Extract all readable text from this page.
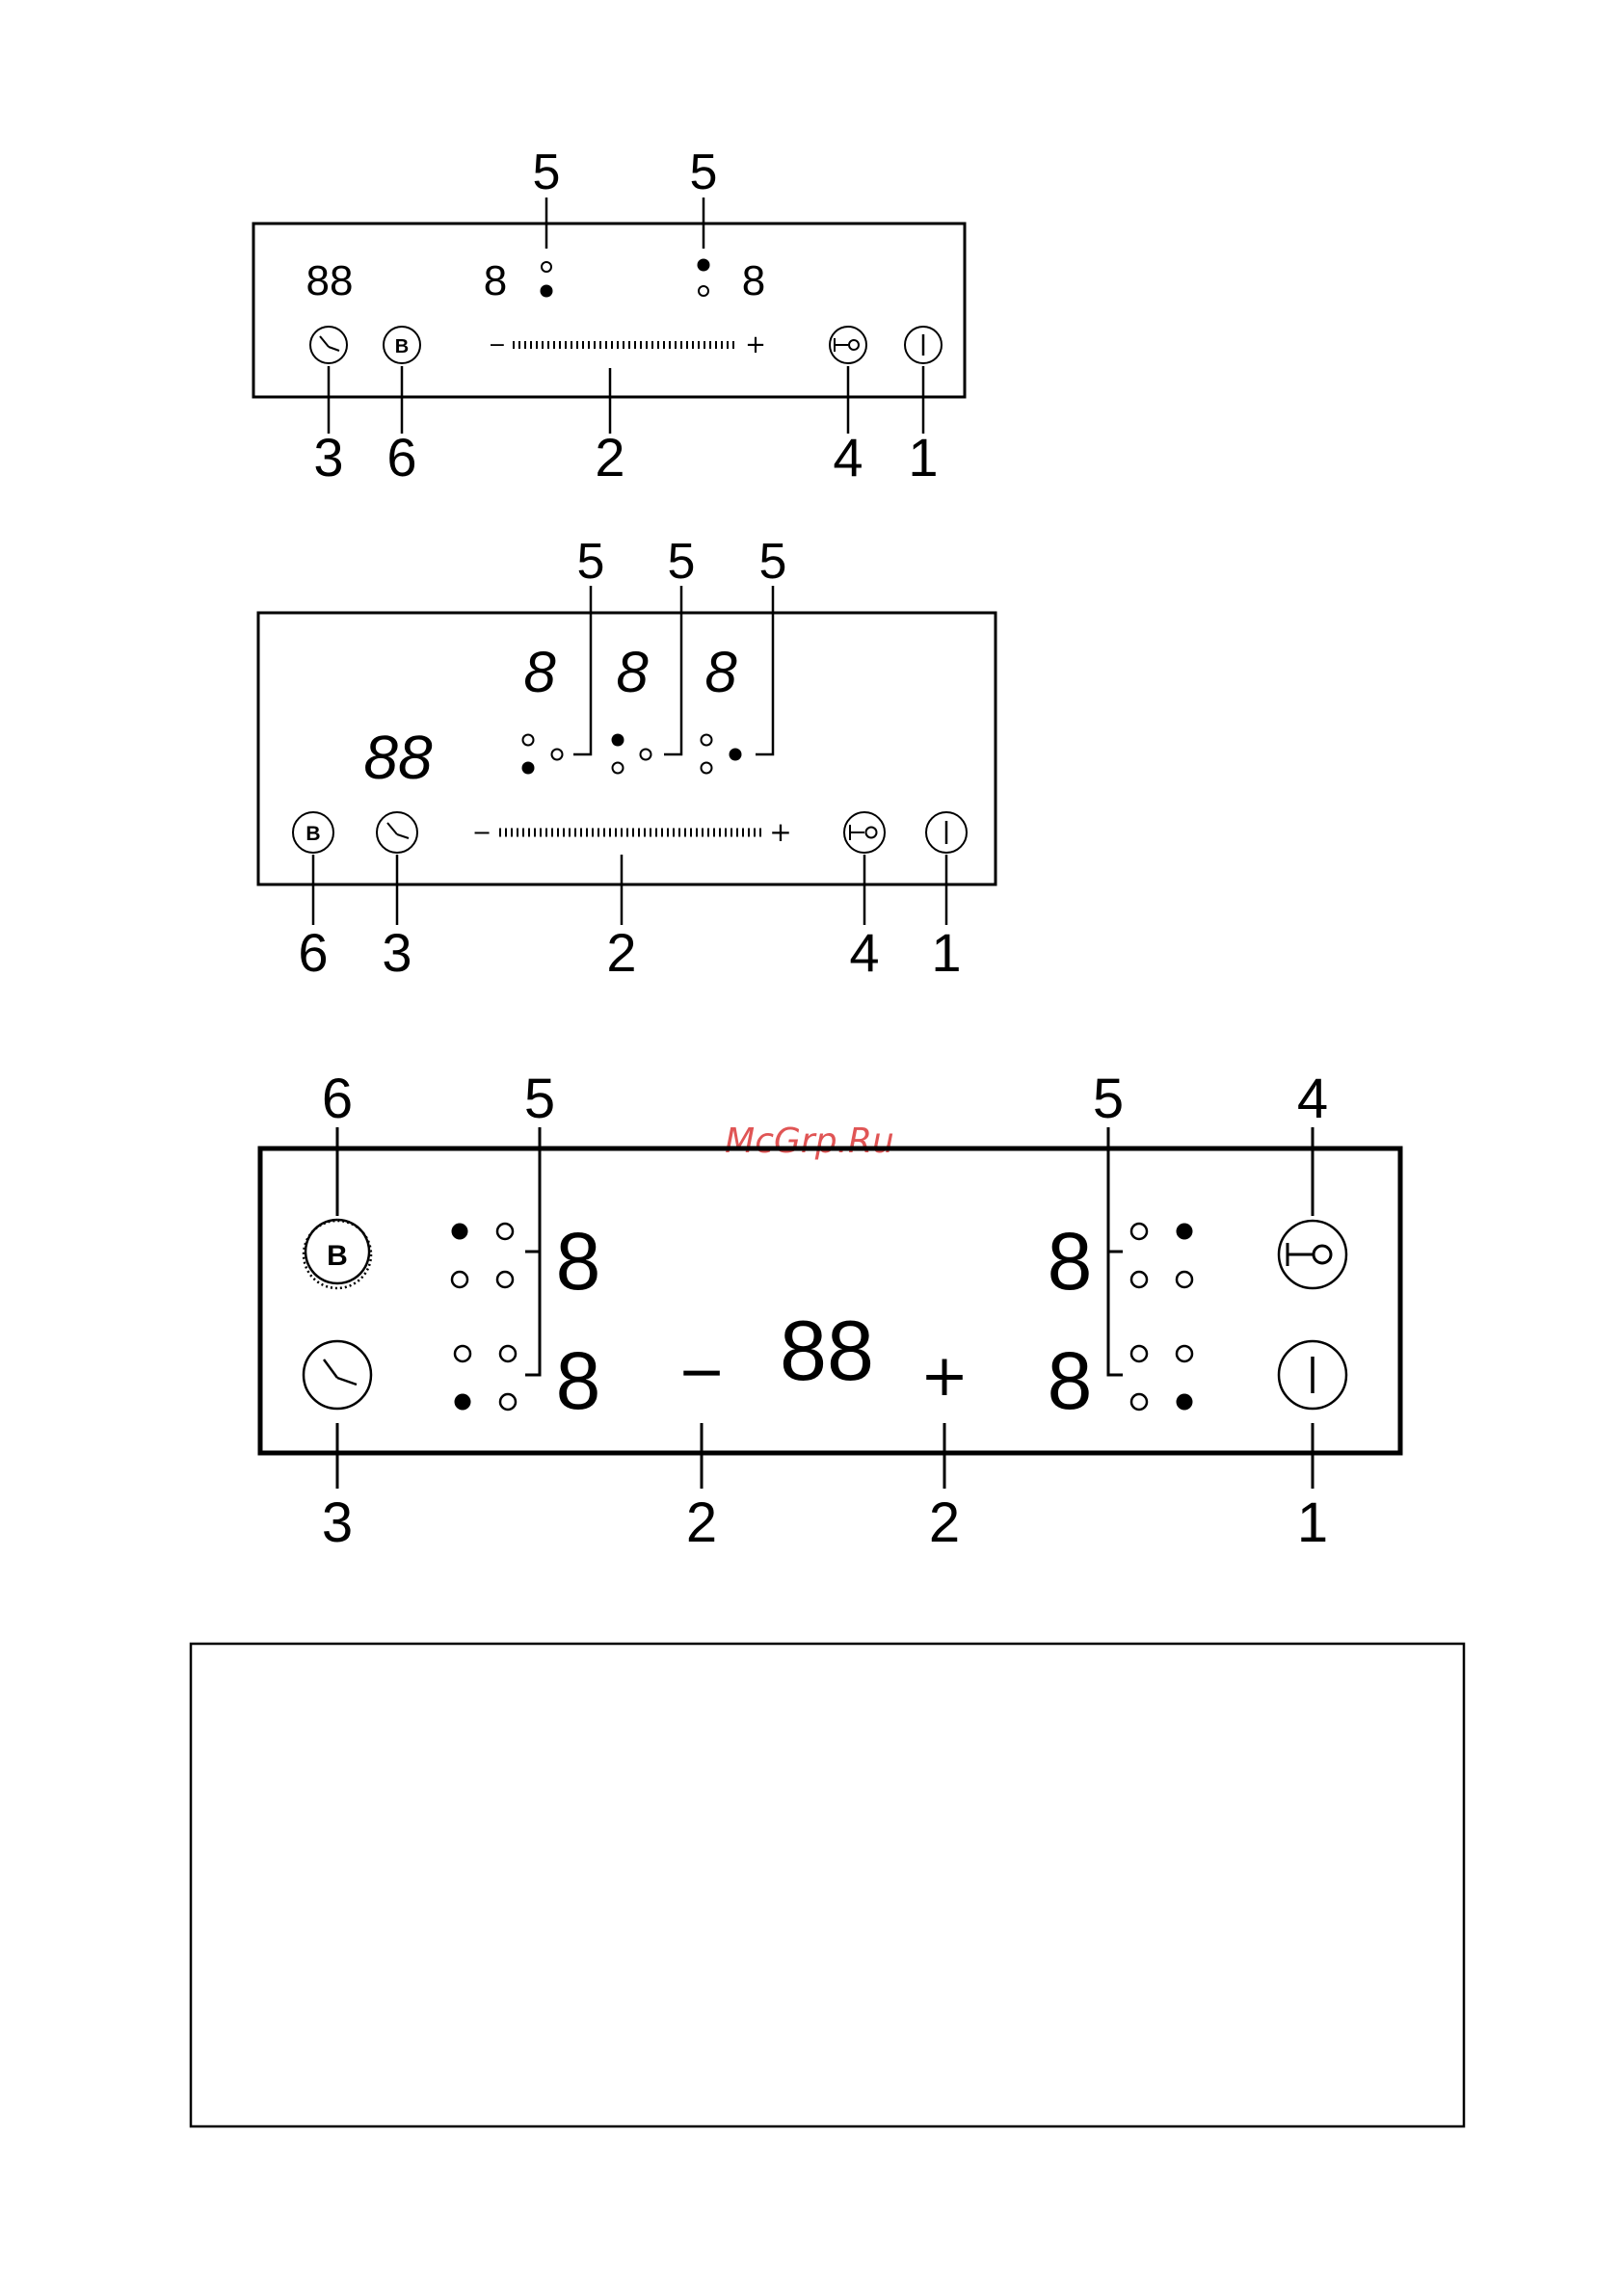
5	5
88	8	8
B	−	+
3 6	2	4 1
5 5 5
8 8 8
88
B	−	+
6 3	2	4 1
McGrp.Ru
6	5	5	4
B	8
8 − 88 +
8
8
3	2	2	1
